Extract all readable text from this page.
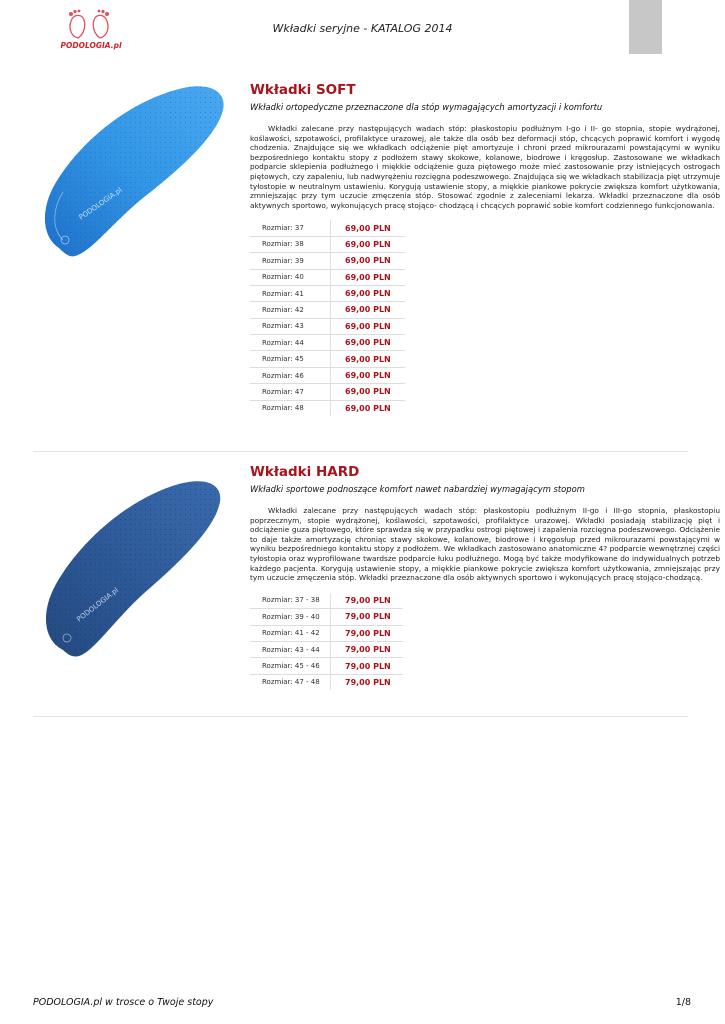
PODOLOGIA.pl
Wkładki seryjne - KATALOG 2014
PODOLOGIA.pl
Wkładki SOFT
Wkładki ortopedyczne przeznaczone dla stóp wymagających amortyzacji i komfortu

Wkładki zalecane przy następujących wadach stóp: płaskostopiu podłużnym I-go i II- go stopnia, stopie wydrążonej, koślawości, szpotawości, profilaktyce urazowej, ale także dla osób bez deformacji stóp, chcących poprawić komfort i wygodę chodzenia. Znajdujące się we wkładkach odciążenie pięt amortyzuje i chroni przed mikrourazami powstającymi w wyniku bezpośredniego kontaktu stopy z podłożem stawy skokowe, kolanowe, biodrowe i kręgosłup. Zastosowane we wkładkach podparcie sklepienia podłużnego i miękkie odciążenie guza piętowego może mieć zastosowanie przy istniejących ostrogach piętowych, czy zapaleniu, lub nadwyrężeniu rozcięgna podeszwowego. Znajdująca się we wkładkach stabilizacja pięt utrzymuje tyłostopie w neutralnym ustawieniu. Korygują ustawienie stopy, a miękkie piankowe pokrycie zwiększa komfort użytkowania, zmniejszając przy tym uczucie zmęczenia stóp. Stosować zgodnie z zaleceniami lekarza. Wkładki przeznaczone dla osób aktywnych sportowo, wykonujących pracę stojąco- chodzącą i chcących poprawić sobie komfort codziennego funkcjonowania.

Rozmiar: 37	69,00 PLN
Rozmiar: 38	69,00 PLN
Rozmiar: 39	69,00 PLN
Rozmiar: 40	69,00 PLN
Rozmiar: 41	69,00 PLN
Rozmiar: 42	69,00 PLN
Rozmiar: 43	69,00 PLN
Rozmiar: 44	69,00 PLN
Rozmiar: 45	69,00 PLN
Rozmiar: 46	69,00 PLN
Rozmiar: 47	69,00 PLN
Rozmiar: 48	69,00 PLN
PODOLOGIA.pl
Wkładki HARD
Wkładki sportowe podnoszące komfort nawet nabardziej wymagającym stopom

Wkładki zalecane przy następujących wadach stóp: płaskostopiu podłużnym II-go i III-go stopnia, płaskostopiu poprzecznym, stopie wydrążonej, koślawości, szpotawości, profilaktyce urazowej. Wkładki posiadają stabilizację pięt i odciążenie guza piętowego, które sprawdza się w przypadku ostrogi piętowej i zapalenia rozcięgna podeszwowego. Odciążenie to daje także amortyzację chroniąc stawy skokowe, kolanowe, biodrowe i kręgosłup przed mikrourazami powstającymi w wyniku bezpośredniego kontaktu stopy z podłożem. We wkładkach zastosowano anatomiczne 4? podparcie wewnętrznej części tyłostopia oraz wyprofilowane twardsze podparcie łuku podłużnego. Mogą być także modyfikowane do indywidualnych potrzeb każdego pacjenta. Korygują ustawienie stopy, a miękkie piankowe pokrycie zwiększa komfort użytkowania, zmniejszając przy tym uczucie zmęczenia stóp. Wkładki przeznaczone dla osób aktywnych sportowo i wykonujących pracę stojąco-chodzącą.

Rozmiar: 37 - 38	79,00 PLN
Rozmiar: 39 - 40	79,00 PLN
Rozmiar: 41 - 42	79,00 PLN
Rozmiar: 43 - 44	79,00 PLN
Rozmiar: 45 - 46	79,00 PLN
Rozmiar: 47 - 48	79,00 PLN
PODOLOGIA.pl w trosce o Twoje stopy	1/8
